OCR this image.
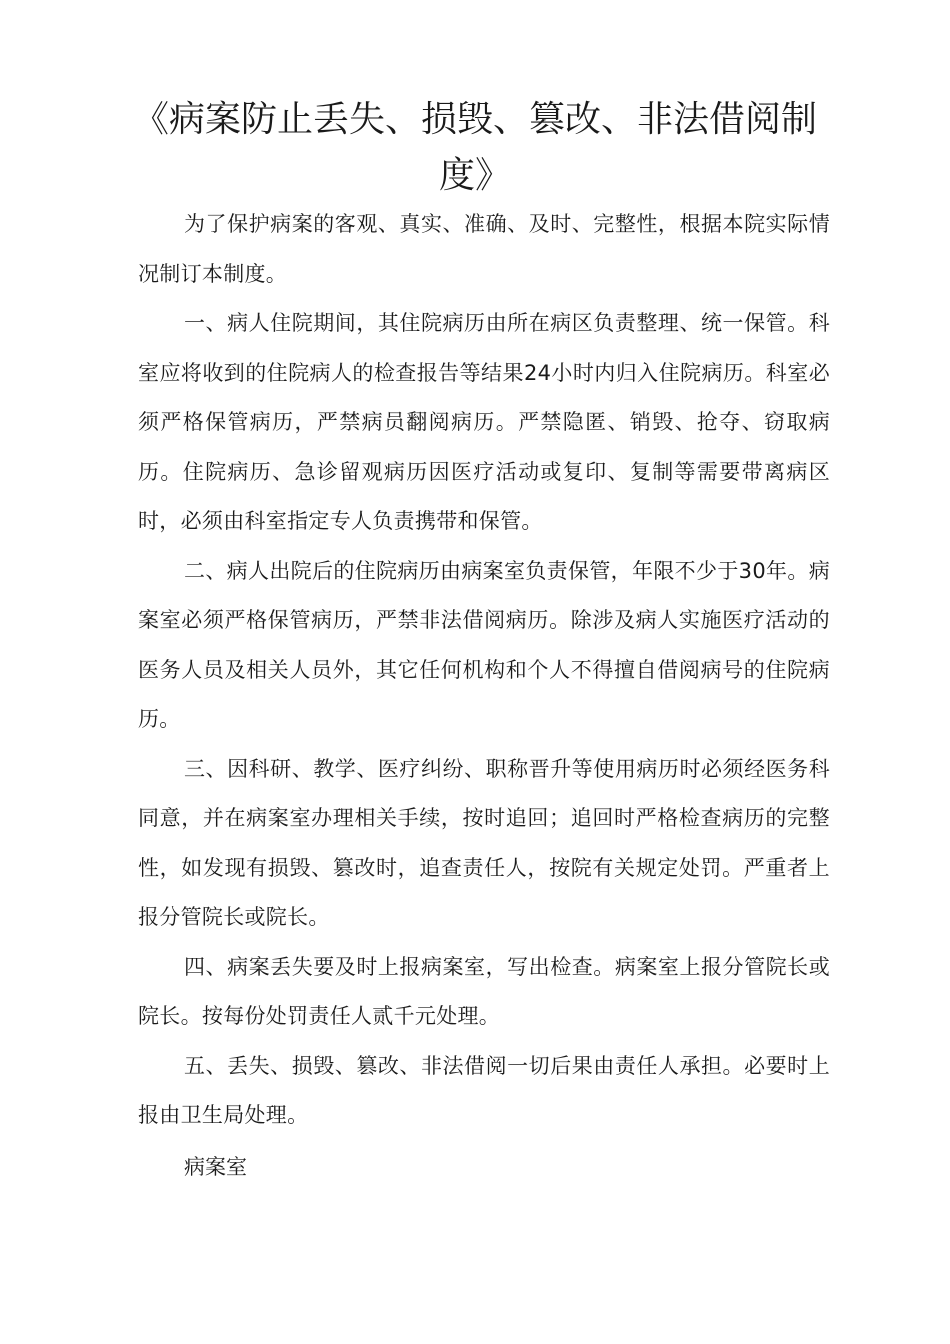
《病案防止丢失、损毁、篡改、非法借阅制度》

为了保护病案的客观、真实、准确、及时、完整性，根据本院实际情况制订本制度。

一、病人住院期间，其住院病历由所在病区负责整理、统一保管。科室应将收到的住院病人的检查报告等结果24小时内归入住院病历。科室必须严格保管病历，严禁病员翻阅病历。严禁隐匿、销毁、抢夺、窃取病历。住院病历、急诊留观病历因医疗活动或复印、复制等需要带离病区时，必须由科室指定专人负责携带和保管。

二、病人出院后的住院病历由病案室负责保管，年限不少于30年。病案室必须严格保管病历，严禁非法借阅病历。除涉及病人实施医疗活动的医务人员及相关人员外，其它任何机构和个人不得擅自借阅病号的住院病历。

三、因科研、教学、医疗纠纷、职称晋升等使用病历时必须经医务科同意，并在病案室办理相关手续，按时追回；追回时严格检查病历的完整性，如发现有损毁、篡改时，追查责任人，按院有关规定处罚。严重者上报分管院长或院长。

四、病案丢失要及时上报病案室，写出检查。病案室上报分管院长或院长。按每份处罚责任人贰千元处理。

五、丢失、损毁、篡改、非法借阅一切后果由责任人承担。必要时上报由卫生局处理。

病案室
